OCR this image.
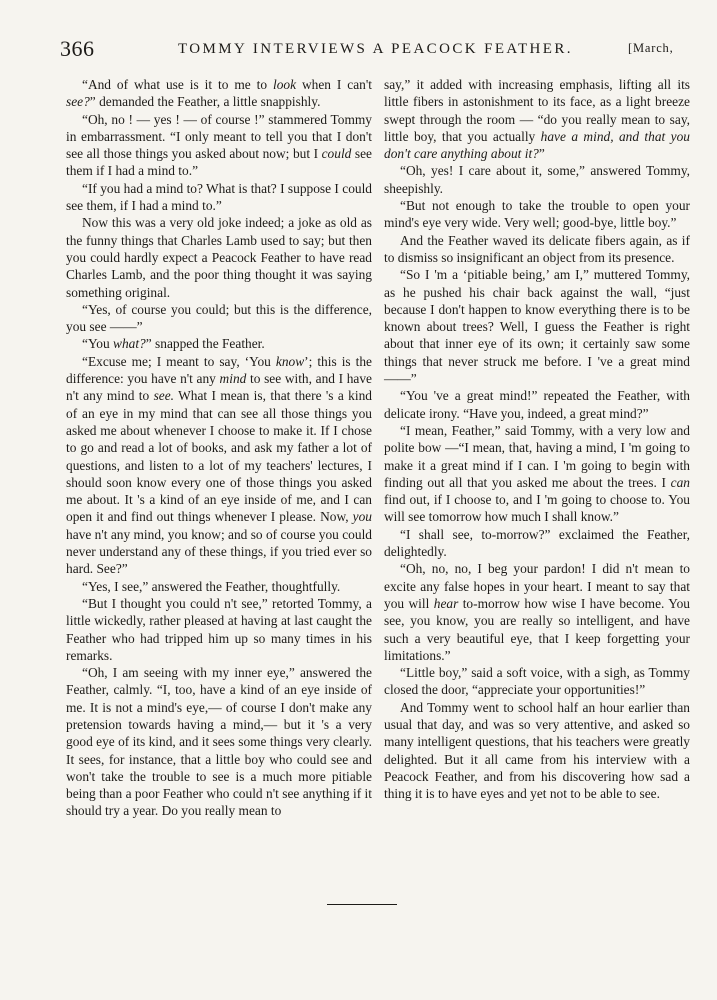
366	TOMMY INTERVIEWS A PEACOCK FEATHER.	[March,

“And of what use is it to me to look when I can't see?” demanded the Feather, a little snappishly.

“Oh, no ! — yes ! — of course !” stammered Tommy in embarrassment. “I only meant to tell you that I don't see all those things you asked about now; but I could see them if I had a mind to.”

“If you had a mind to? What is that? I suppose I could see them, if I had a mind to.”

Now this was a very old joke indeed; a joke as old as the funny things that Charles Lamb used to say; but then you could hardly expect a Peacock Feather to have read Charles Lamb, and the poor thing thought it was saying something original.

“Yes, of course you could; but this is the difference, you see ——”

“You what?” snapped the Feather.

“Excuse me; I meant to say, ‘You know’; this is the difference: you have n't any mind to see with, and I have n't any mind to see. What I mean is, that there 's a kind of an eye in my mind that can see all those things you asked me about whenever I choose to make it. If I chose to go and read a lot of books, and ask my father a lot of questions, and listen to a lot of my teachers' lectures, I should soon know every one of those things you asked me about. It 's a kind of an eye inside of me, and I can open it and find out things whenever I please. Now, you have n't any mind, you know; and so of course you could never understand any of these things, if you tried ever so hard. See?”

“Yes, I see,” answered the Feather, thoughtfully.

“But I thought you could n't see,” retorted Tommy, a little wickedly, rather pleased at having at last caught the Feather who had tripped him up so many times in his remarks.

“Oh, I am seeing with my inner eye,” answered the Feather, calmly. “I, too, have a kind of an eye inside of me. It is not a mind's eye,— of course I don't make any pretension towards having a mind,— but it 's a very good eye of its kind, and it sees some things very clearly. It sees, for instance, that a little boy who could see and won't take the trouble to see is a much more pitiable being than a poor Feather who could n't see anything if it should try a year. Do you really mean to

say,” it added with increasing emphasis, lifting all its little fibers in astonishment to its face, as a light breeze swept through the room — “do you really mean to say, little boy, that you actually have a mind, and that you don't care anything about it?”

“Oh, yes! I care about it, some,” answered Tommy, sheepishly.

“But not enough to take the trouble to open your mind's eye very wide. Very well; good-bye, little boy.”

And the Feather waved its delicate fibers again, as if to dismiss so insignificant an object from its presence.

“So I 'm a ‘pitiable being,’ am I,” muttered Tommy, as he pushed his chair back against the wall, “just because I don't happen to know everything there is to be known about trees? Well, I guess the Feather is right about that inner eye of its own; it certainly saw some things that never struck me before. I 've a great mind ——”

“You 've a great mind!” repeated the Feather, with delicate irony. “Have you, indeed, a great mind?”

“I mean, Feather,” said Tommy, with a very low and polite bow —“I mean, that, having a mind, I 'm going to make it a great mind if I can. I 'm going to begin with finding out all that you asked me about the trees. I can find out, if I choose to, and I 'm going to choose to. You will see tomorrow how much I shall know.”

“I shall see, to-morrow?” exclaimed the Feather, delightedly.

“Oh, no, no, I beg your pardon! I did n't mean to excite any false hopes in your heart. I meant to say that you will hear to-morrow how wise I have become. You see, you know, you are really so intelligent, and have such a very beautiful eye, that I keep forgetting your limitations.”

“Little boy,” said a soft voice, with a sigh, as Tommy closed the door, “appreciate your opportunities!”

And Tommy went to school half an hour earlier than usual that day, and was so very attentive, and asked so many intelligent questions, that his teachers were greatly delighted. But it all came from his interview with a Peacock Feather, and from his discovering how sad a thing it is to have eyes and yet not to be able to see.
